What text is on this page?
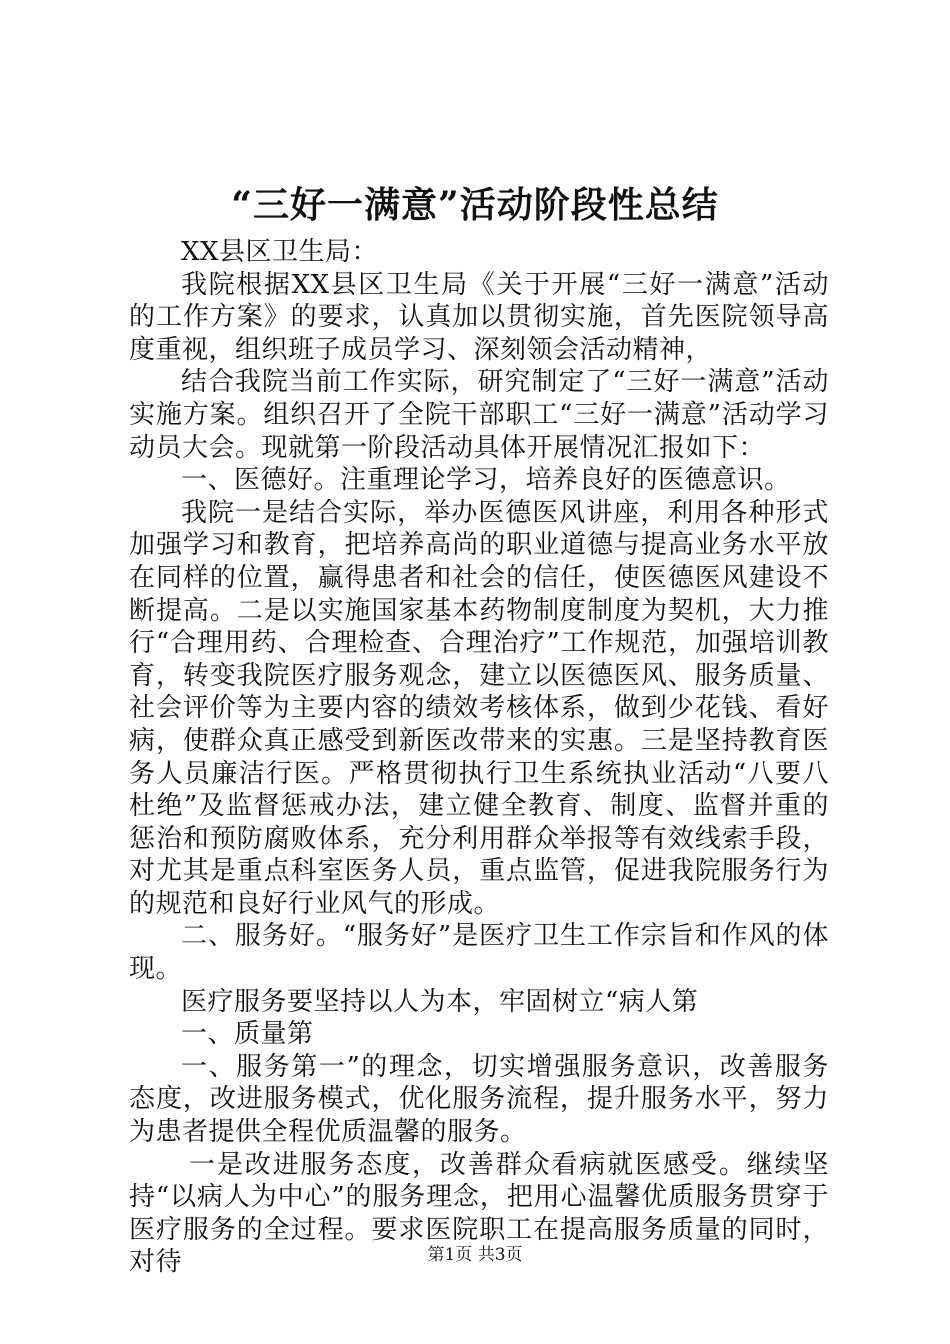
“三好一满意”活动阶段性总结

XX县区卫生局：

我院根据XX县区卫生局《关于开展“三好一满意”活动的工作方案》的要求，认真加以贯彻实施，首先医院领导高度重视，组织班子成员学习、深刻领会活动精神，

结合我院当前工作实际，研究制定了“三好一满意”活动实施方案。组织召开了全院干部职工“三好一满意”活动学习动员大会。现就第一阶段活动具体开展情况汇报如下：

一、医德好。注重理论学习，培养良好的医德意识。

我院一是结合实际，举办医德医风讲座，利用各种形式加强学习和教育，把培养高尚的职业道德与提高业务水平放在同样的位置，赢得患者和社会的信任，使医德医风建设不断提高。二是以实施国家基本药物制度制度为契机，大力推行“合理用药、合理检查、合理治疗”工作规范，加强培训教育，转变我院医疗服务观念，建立以医德医风、服务质量、社会评价等为主要内容的绩效考核体系，做到少花钱、看好病，使群众真正感受到新医改带来的实惠。三是坚持教育医务人员廉洁行医。严格贯彻执行卫生系统执业活动“八要八杜绝”及监督惩戒办法，建立健全教育、制度、监督并重的惩治和预防腐败体系，充分利用群众举报等有效线索手段，对尤其是重点科室医务人员，重点监管，促进我院服务行为的规范和良好行业风气的形成。

二、服务好。“服务好”是医疗卫生工作宗旨和作风的体现。

医疗服务要坚持以人为本，牢固树立“病人第

一、质量第

一、服务第一”的理念，切实增强服务意识，改善服务态度，改进服务模式，优化服务流程，提升服务水平，努力为患者提供全程优质温馨的服务。

一是改进服务态度，改善群众看病就医感受。继续坚持“以病人为中心”的服务理念，把用心温馨优质服务贯穿于医疗服务的全过程。要求医院职工在提高服务质量的同时，对待	第1页 共3页
